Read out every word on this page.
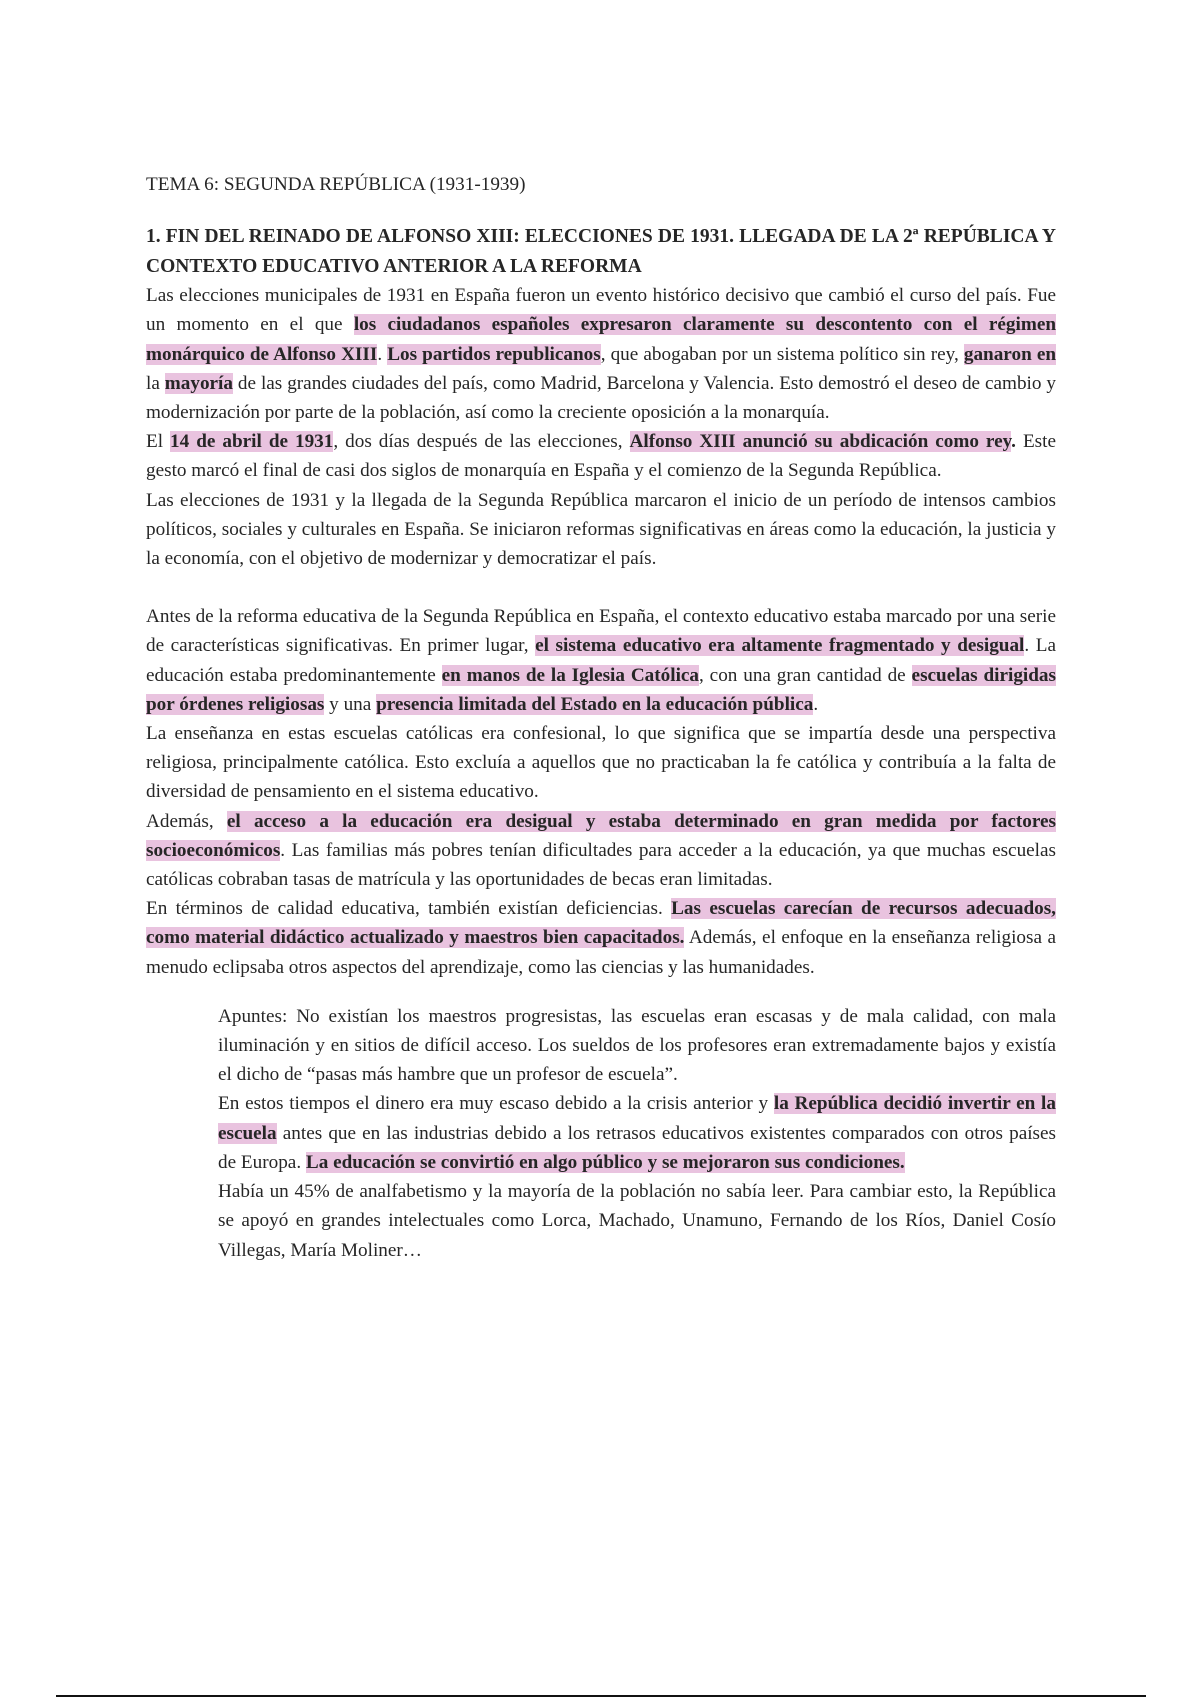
TEMA 6: SEGUNDA REPÚBLICA (1931-1939)
1. FIN DEL REINADO DE ALFONSO XIII: ELECCIONES DE 1931. LLEGADA DE LA 2ª REPÚBLICA Y CONTEXTO EDUCATIVO ANTERIOR A LA REFORMA

Las elecciones municipales de 1931 en España fueron un evento histórico decisivo que cambió el curso del país. Fue un momento en el que los ciudadanos españoles expresaron claramente su descontento con el régimen monárquico de Alfonso XIII. Los partidos republicanos, que abogaban por un sistema político sin rey, ganaron en la mayoría de las grandes ciudades del país, como Madrid, Barcelona y Valencia. Esto demostró el deseo de cambio y modernización por parte de la población, así como la creciente oposición a la monarquía.

El 14 de abril de 1931, dos días después de las elecciones, Alfonso XIII anunció su abdicación como rey. Este gesto marcó el final de casi dos siglos de monarquía en España y el comienzo de la Segunda República.

Las elecciones de 1931 y la llegada de la Segunda República marcaron el inicio de un período de intensos cambios políticos, sociales y culturales en España. Se iniciaron reformas significativas en áreas como la educación, la justicia y la economía, con el objetivo de modernizar y democratizar el país.

Antes de la reforma educativa de la Segunda República en España, el contexto educativo estaba marcado por una serie de características significativas. En primer lugar, el sistema educativo era altamente fragmentado y desigual. La educación estaba predominantemente en manos de la Iglesia Católica, con una gran cantidad de escuelas dirigidas por órdenes religiosas y una presencia limitada del Estado en la educación pública.

La enseñanza en estas escuelas católicas era confesional, lo que significa que se impartía desde una perspectiva religiosa, principalmente católica. Esto excluía a aquellos que no practicaban la fe católica y contribuía a la falta de diversidad de pensamiento en el sistema educativo.

Además, el acceso a la educación era desigual y estaba determinado en gran medida por factores socioeconómicos. Las familias más pobres tenían dificultades para acceder a la educación, ya que muchas escuelas católicas cobraban tasas de matrícula y las oportunidades de becas eran limitadas.

En términos de calidad educativa, también existían deficiencias. Las escuelas carecían de recursos adecuados, como material didáctico actualizado y maestros bien capacitados. Además, el enfoque en la enseñanza religiosa a menudo eclipsaba otros aspectos del aprendizaje, como las ciencias y las humanidades.

Apuntes: No existían los maestros progresistas, las escuelas eran escasas y de mala calidad, con mala iluminación y en sitios de difícil acceso. Los sueldos de los profesores eran extremadamente bajos y existía el dicho de “pasas más hambre que un profesor de escuela”.

En estos tiempos el dinero era muy escaso debido a la crisis anterior y la República decidió invertir en la escuela antes que en las industrias debido a los retrasos educativos existentes comparados con otros países de Europa. La educación se convirtió en algo público y se mejoraron sus condiciones.

Había un 45% de analfabetismo y la mayoría de la población no sabía leer. Para cambiar esto, la República se apoyó en grandes intelectuales como Lorca, Machado, Unamuno, Fernando de los Ríos, Daniel Cosío Villegas, María Moliner…
